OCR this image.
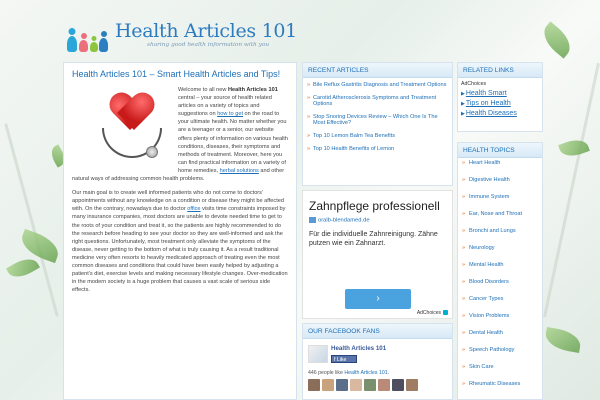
Health Articles 101
sharing good health information with you
Health Articles 101 – Smart Health Articles and Tips!

Welcome to all new Health Articles 101 central – your source of health related articles on a variety of topics and suggestions on how to get on the road to your ultimate health. No matter whether you are a teenager or a senior, our website offers plenty of information on various health conditions, diseases, their symptoms and methods of treatment. Moreover, here you can find practical information on a variety of home remedies, herbal solutions and other natural ways of addressing common health problems.

Our main goal is to create well informed patients who do not come to doctors' appointments without any knowledge on a condition or disease they might be affected with. On the contrary, nowadays due to doctor office visits time constraints imposed by many insurance companies, most doctors are unable to devote needed time to get to the roots of your condition and treat it, so the patients are highly recommended to do the research before heading to see your doctor so they are well-informed and ask the right questions. Unfortunately, most treatment only alleviate the symptoms of the disease, never getting to the bottom of what is truly causing it. As a result traditional medicine very often resorts to heavily medicated approach of treating even the most common diseases and conditions that could have been easily helped by adjusting a patient's diet, exercise levels and making necessary lifestyle changes. Over-medication in the modern society is a huge problem that causes a vast scale of serious side effects.

RECENT ARTICLES
» Bile Reflux Gastritis Diagnosis and Treatment Options
» Carotid Atherosclerosis Symptoms and Treatment Options
» Stop Snoring Devices Review – Which One Is The Most Effective?
» Top 10 Lemon Balm Tea Benefits
» Top 10 Health Benefits of Lemon
Zahnpflege professionell
oralb-blendamed.de
Für die individuelle Zahnreinigung. Zähne putzen wie ein Zahnarzt.
›
AdChoices
OUR FACEBOOK FANS
Health Articles 101
f Like
446 people like Health Articles 101.
RELATED LINKS
AdChoices
▶ Health Smart
▶ Tips on Health
▶ Health Diseases
HEALTH TOPICS
» Heart Health
» Digestive Health
» Immune System
» Ear, Nose and Throat
» Bronchi and Lungs
» Neurology
» Mental Health
» Blood Disorders
» Cancer Types
» Vision Problems
» Dental Health
» Speech Pathology
» Skin Care
» Rheumatic Diseases
